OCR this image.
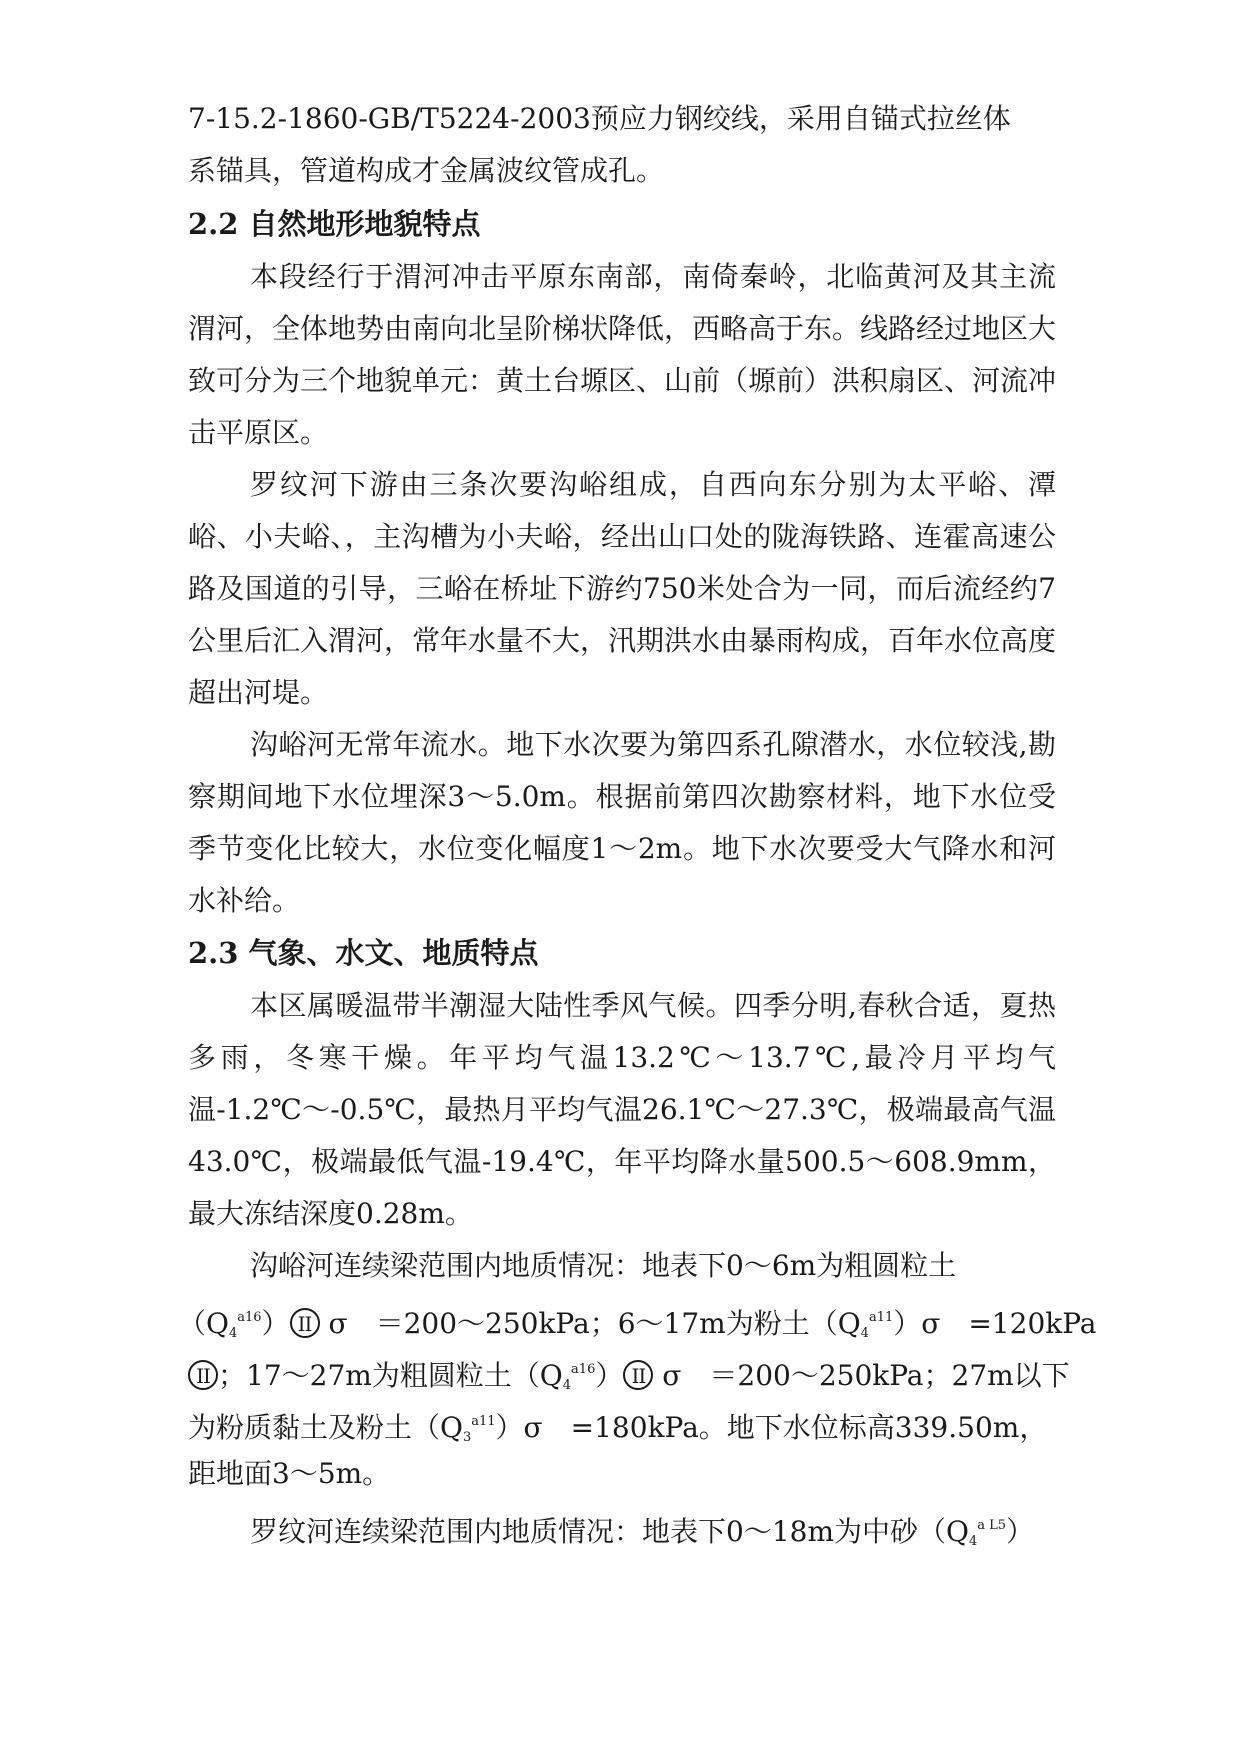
7-15.2-1860-GB/T5224-2003预应力钢绞线，采用自锚式拉丝体

系锚具，管道构成才金属波纹管成孔。

2.2 自然地形地貌特点

本段经行于渭河冲击平原东南部，南倚秦岭，北临黄河及其主流渭河，全体地势由南向北呈阶梯状降低，西略高于东。线路经过地区大致可分为三个地貌单元：黄土台塬区、山前（塬前）洪积扇区、河流冲击平原区。

罗纹河下游由三条次要沟峪组成，自西向东分别为太平峪、潭峪、小夫峪、，主沟槽为小夫峪，经出山口处的陇海铁路、连霍高速公路及国道的引导，三峪在桥址下游约750米处合为一同，而后流经约7公里后汇入渭河，常年水量不大，汛期洪水由暴雨构成，百年水位高度超出河堤。

沟峪河无常年流水。地下水次要为第四系孔隙潜水，水位较浅,勘察期间地下水位埋深3～5.0m。根据前第四次勘察材料，地下水位受季节变化比较大，水位变化幅度1～2m。地下水次要受大气降水和河水补给。

2.3 气象、水文、地质特点

本区属暖温带半潮湿大陆性季风气候。四季分明,春秋合适，夏热多雨，冬寒干燥。年平均气温13.2℃～13.7℃,最冷月平均气温-1.2℃～-0.5℃，最热月平均气温26.1℃～27.3℃，极端最高气温43.0℃，极端最低气温-19.4℃，年平均降水量500.5～608.9mm，最大冻结深度0.28m。

沟峪河连续梁范围内地质情况：地表下0～6m为粗圆粒土

$(Q_4^{a16})$ II σ　＝200～250kPa；6～17m为粉土$(Q_4^{a11})\sigma$　=120kPa

II ；17～27m为粗圆粒土$(Q_4^{a16})$ II σ　＝200～250kPa；27m以下

为粉质黏土及粉土$(Q_3^{a11})\sigma$　=180kPa。地下水位标高339.50m，

距地面3～5m。

罗纹河连续梁范围内地质情况：地表下0～18m为中砂$(Q_4^{a L5})$
